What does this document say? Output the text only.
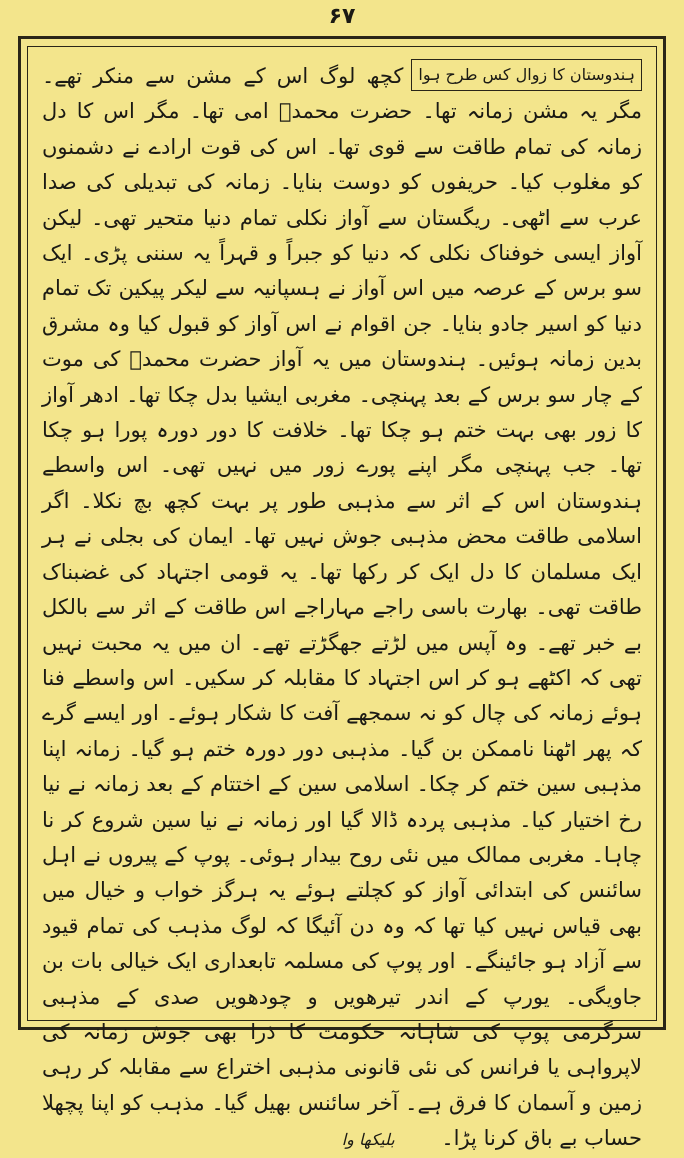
۶۷
ہندوستان کا زوال کس طرح ہوا

کچھ لوگ اس کے مشن سے منکر تھے۔ مگر یہ مشن زمانہ تھا۔ حضرت محمدؐ امی تھا۔ مگر اس کا دل زمانہ کی تمام طاقت سے قوی تھا۔ اس کی قوت ارادے نے دشمنوں کو مغلوب کیا۔ حریفوں کو دوست بنایا۔ زمانہ کی تبدیلی کی صدا عرب سے اٹھی۔ ریگستان سے آواز نکلی تمام دنیا متحیر تھی۔ لیکن آواز ایسی خوفناک نکلی کہ دنیا کو جبراً و قہراً یہ سننی پڑی۔ ایک سو برس کے عرصہ میں اس آواز نے ہسپانیہ سے لیکر پیکین تک تمام دنیا کو اسیر جادو بنایا۔ جن اقوام نے اس آواز کو قبول کیا وہ مشرق بدین زمانہ ہوئیں۔ ہندوستان میں یہ آواز حضرت محمدؐ کی موت کے چار سو برس کے بعد پہنچی۔ مغربی ایشیا بدل چکا تھا۔ ادھر آواز کا زور بھی بہت ختم ہو چکا تھا۔ خلافت کا دور دورہ پورا ہو چکا تھا۔ جب پہنچی مگر اپنے پورے زور میں نہیں تھی۔ اس واسطے ہندوستان اس کے اثر سے مذہبی طور پر بہت کچھ بچ نکلا۔ اگر اسلامی طاقت محض مذہبی جوش نہیں تھا۔ ایمان کی بجلی نے ہر ایک مسلمان کا دل ایک کر رکھا تھا۔ یہ قومی اجتہاد کی غضبناک طاقت تھی۔ بھارت باسی راجے مہاراجے اس طاقت کے اثر سے بالکل بے خبر تھے۔ وہ آپس میں لڑتے جھگڑتے تھے۔ ان میں یہ محبت نہیں تھی کہ اکٹھے ہو کر اس اجتہاد کا مقابلہ کر سکیں۔ اس واسطے فنا ہوئے زمانہ کی چال کو نہ سمجھے آفت کا شکار ہوئے۔ اور ایسے گرے کہ پھر اٹھنا ناممکن بن گیا۔ مذہبی دور دورہ ختم ہو گیا۔ زمانہ اپنا مذہبی سین ختم کر چکا۔ اسلامی سین کے اختتام کے بعد زمانہ نے نیا رخ اختیار کیا۔ مذہبی پردہ ڈالا گیا اور زمانہ نے نیا سین شروع کر نا چاہا۔ مغربی ممالک میں نئی روح بیدار ہوئی۔ پوپ کے پیروں نے اہل سائنس کی ابتدائی آواز کو کچلتے ہوئے یہ ہرگز خواب و خیال میں بھی قیاس نہیں کیا تھا کہ وہ دن آئیگا کہ لوگ مذہب کی تمام قیود سے آزاد ہو جائینگے۔ اور پوپ کی مسلمہ تابعداری ایک خیالی بات بن جاویگی۔ یورپ کے اندر تیرھویں و چودھویں صدی کے مذہبی سرگرمی پوپ کی شاہانہ حکومت کا ذرا بھی جوش زمانہ کی لاپرواہی یا فرانس کی نئی قانونی مذہبی اختراع سے مقابلہ کر رہی زمین و آسمان کا فرق ہے۔ آخر سائنس بھیل گیا۔ مذہب کو اپنا پچھلا حساب بے باق کرنا پڑا۔ بلیکھا وا
